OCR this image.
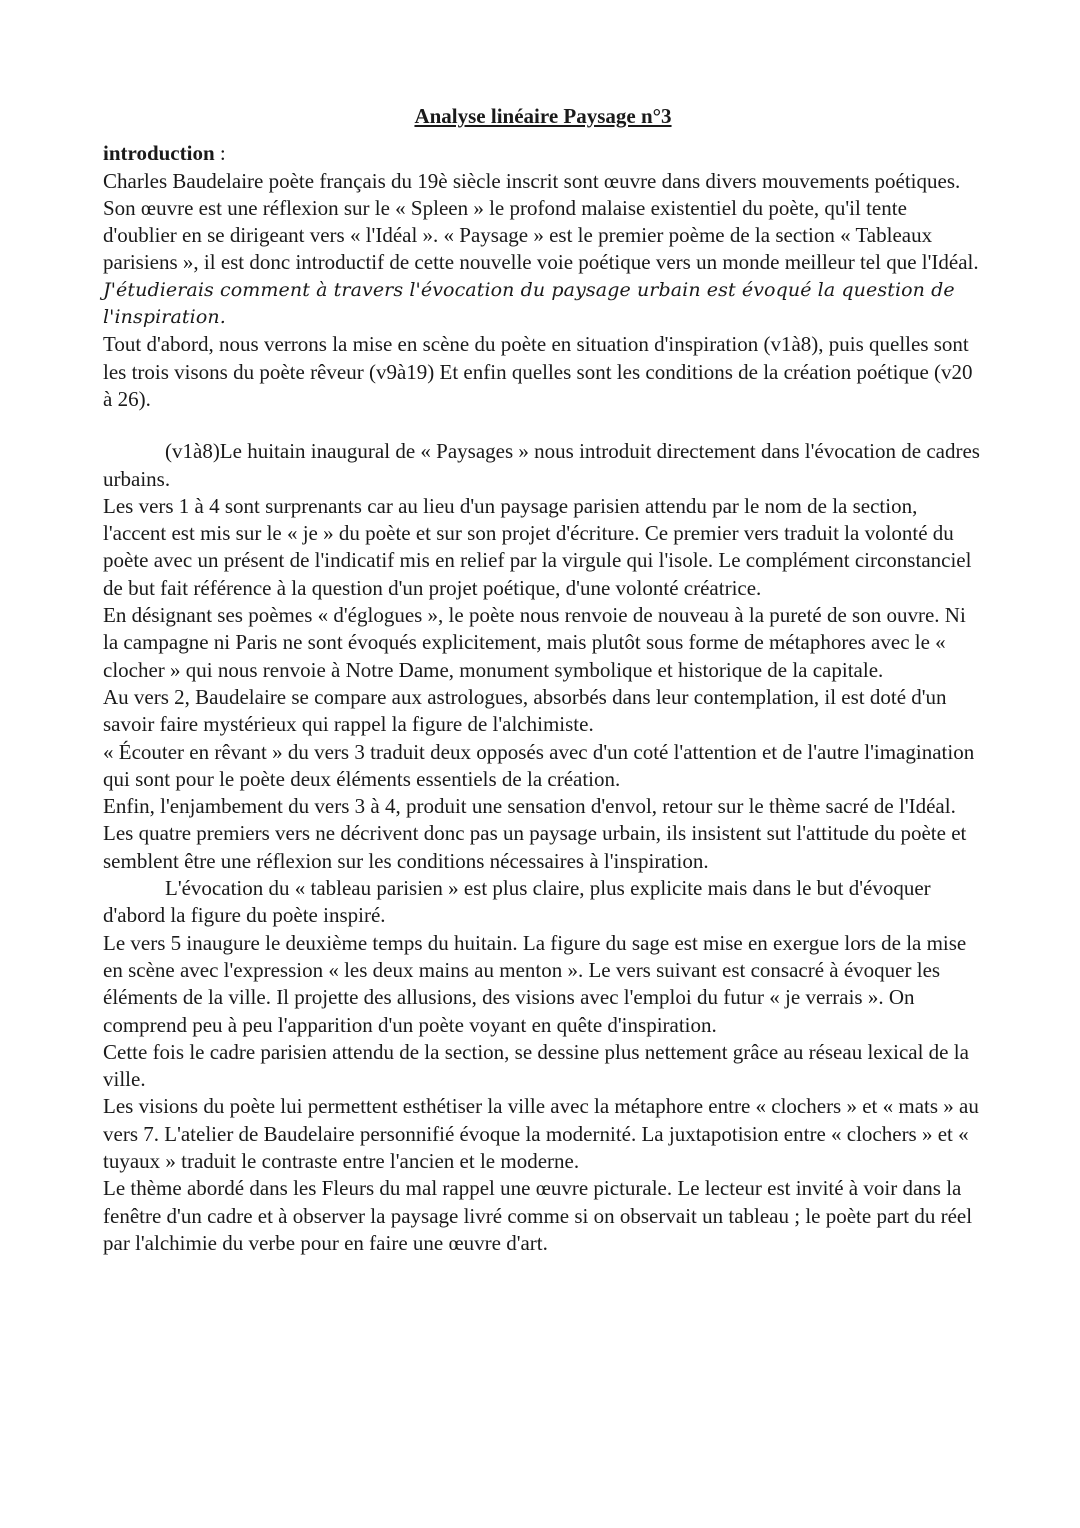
Analyse linéaire Paysage n°3
introduction :

Charles Baudelaire poète français du 19è siècle inscrit sont œuvre dans divers mouvements poétiques. Son œuvre est une réflexion sur le « Spleen » le profond malaise existentiel du poète, qu'il tente d'oublier en se dirigeant vers « l'Idéal ». « Paysage » est le premier poème de la section « Tableaux parisiens », il est donc introductif de cette nouvelle voie poétique vers un monde meilleur tel que l'Idéal.

J'étudierais comment à travers l'évocation du paysage urbain est évoqué la question de l'inspiration.

Tout d'abord, nous verrons la mise en scène du poète en situation d'inspiration (v1à8), puis quelles sont les trois visons du poète rêveur (v9à19) Et enfin quelles sont les conditions de la création poétique (v20 à 26).

(v1à8)Le huitain inaugural de « Paysages » nous introduit directement dans l'évocation de cadres urbains.

Les vers 1 à 4 sont surprenants car au lieu d'un paysage parisien attendu par le nom de la section, l'accent est mis sur le « je » du poète et sur son projet d'écriture. Ce premier vers traduit la volonté du poète avec un présent de l'indicatif mis en relief par la virgule qui l'isole. Le complément circonstanciel de but fait référence à la question d'un projet poétique, d'une volonté créatrice.

En désignant ses poèmes « d'églogues », le poète nous renvoie de nouveau à la pureté de son ouvre. Ni la campagne ni Paris ne sont évoqués explicitement, mais plutôt sous forme de métaphores avec le « clocher » qui nous renvoie à Notre Dame, monument symbolique et historique de la capitale.

Au vers 2, Baudelaire se compare aux astrologues, absorbés dans leur contemplation, il est doté d'un savoir faire mystérieux qui rappel la figure de l'alchimiste.

« Écouter en rêvant » du vers 3 traduit deux opposés avec d'un coté l'attention et de l'autre l'imagination qui sont pour le poète deux éléments essentiels de la création.

Enfin, l'enjambement du vers 3 à 4, produit une sensation d'envol, retour sur le thème sacré de l'Idéal.

Les quatre premiers vers ne décrivent donc pas un paysage urbain, ils insistent sut l'attitude du poète et semblent être une réflexion sur les conditions nécessaires à l'inspiration.

L'évocation du « tableau parisien » est plus claire, plus explicite mais dans le but d'évoquer d'abord la figure du poète inspiré.

Le vers 5 inaugure le deuxième temps du huitain. La figure du sage est mise en exergue lors de la mise en scène avec l'expression « les deux mains au menton ». Le vers suivant est consacré à évoquer les éléments de la ville. Il projette des allusions, des visions avec l'emploi du futur « je verrais ». On comprend peu à peu l'apparition d'un poète voyant en quête d'inspiration.

Cette fois le cadre parisien attendu de la section, se dessine plus nettement grâce au réseau lexical de la ville.

Les visions du poète lui permettent esthétiser la ville avec la métaphore entre « clochers » et « mats » au vers 7. L'atelier de Baudelaire personnifié évoque la modernité. La juxtapotision entre « clochers » et « tuyaux » traduit le contraste entre l'ancien et le moderne.

Le thème abordé dans les Fleurs du mal rappel une œuvre picturale. Le lecteur est invité à voir dans la fenêtre d'un cadre et à observer la paysage livré comme si on observait un tableau ; le poète part du réel par l'alchimie du verbe pour en faire une œuvre d'art.
